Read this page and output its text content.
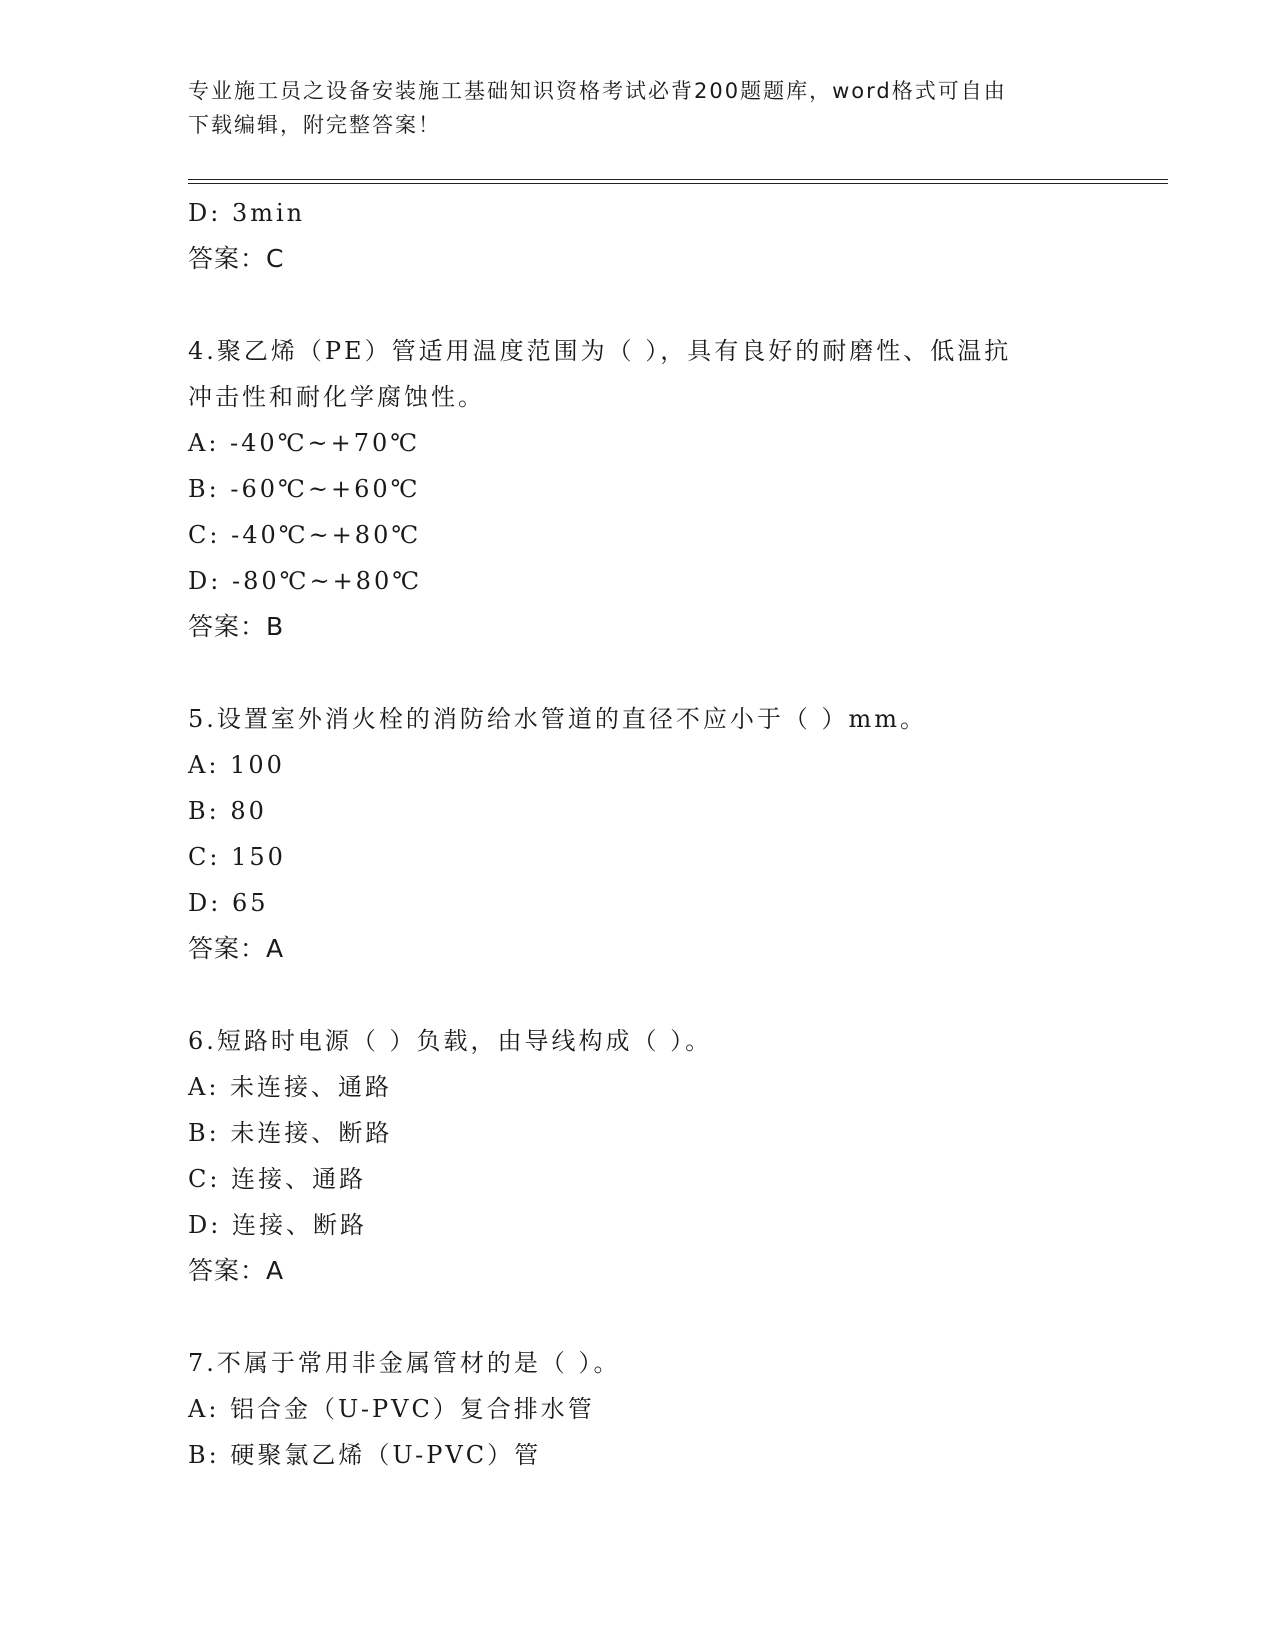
专业施工员之设备安装施工基础知识资格考试必背200题题库，word格式可自由
下载编辑，附完整答案！
D: 3min
答案：C
4.聚乙烯（PE）管适用温度范围为（ ），具有良好的耐磨性、低温抗
冲击性和耐化学腐蚀性。
A: -40℃~+70℃
B: -60℃~+60℃
C: -40℃~+80℃
D: -80℃~+80℃
答案：B
5.设置室外消火栓的消防给水管道的直径不应小于（ ）mm。
A: 100
B: 80
C: 150
D: 65
答案：A
6.短路时电源（ ）负载，由导线构成（ ）。
A: 未连接、通路
B: 未连接、断路
C: 连接、通路
D: 连接、断路
答案：A
7.不属于常用非金属管材的是（ ）。
A: 铝合金（U-PVC）复合排水管
B: 硬聚氯乙烯（U-PVC）管
